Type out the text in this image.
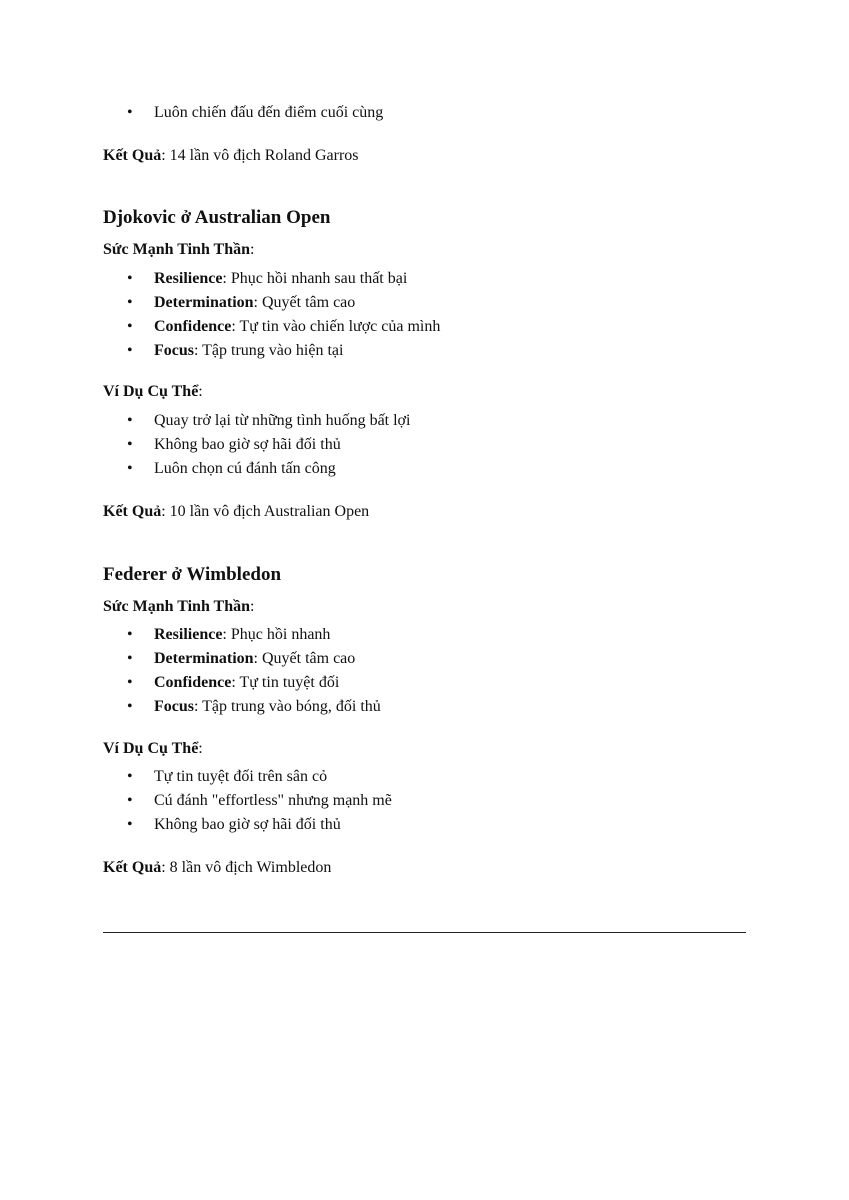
• Luôn chiến đấu đến điểm cuối cùng
Kết Quả: 14 lần vô địch Roland Garros
Djokovic ở Australian Open
Sức Mạnh Tinh Thần:
• Resilience: Phục hồi nhanh sau thất bại
• Determination: Quyết tâm cao
• Confidence: Tự tin vào chiến lược của mình
• Focus: Tập trung vào hiện tại
Ví Dụ Cụ Thể:
• Quay trở lại từ những tình huống bất lợi
• Không bao giờ sợ hãi đối thủ
• Luôn chọn cú đánh tấn công
Kết Quả: 10 lần vô địch Australian Open
Federer ở Wimbledon
Sức Mạnh Tinh Thần:
• Resilience: Phục hồi nhanh
• Determination: Quyết tâm cao
• Confidence: Tự tin tuyệt đối
• Focus: Tập trung vào bóng, đối thủ
Ví Dụ Cụ Thể:
• Tự tin tuyệt đối trên sân cỏ
• Cú đánh "effortless" nhưng mạnh mẽ
• Không bao giờ sợ hãi đối thủ
Kết Quả: 8 lần vô địch Wimbledon
